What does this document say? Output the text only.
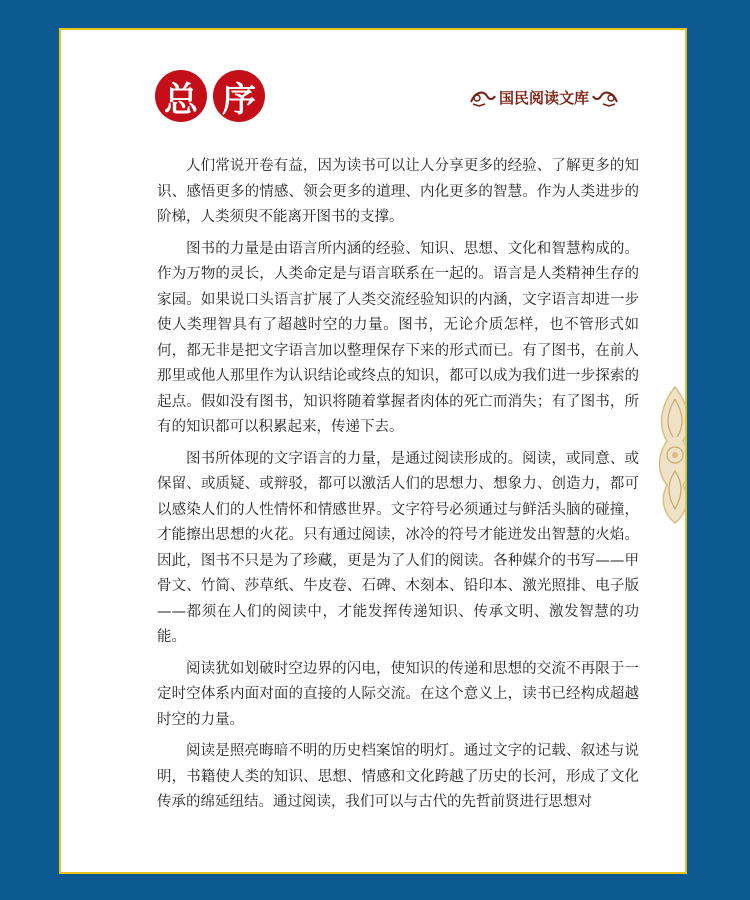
总 序	国民阅读文库

人们常说开卷有益，因为读书可以让人分享更多的经验、了解更多的知识、感悟更多的情感、领会更多的道理、内化更多的智慧。作为人类进步的阶梯，人类须臾不能离开图书的支撑。

图书的力量是由语言所内涵的经验、知识、思想、文化和智慧构成的。作为万物的灵长，人类命定是与语言联系在一起的。语言是人类精神生存的家园。如果说口头语言扩展了人类交流经验知识的内涵，文字语言却进一步使人类理智具有了超越时空的力量。图书，无论介质怎样，也不管形式如何，都无非是把文字语言加以整理保存下来的形式而已。有了图书，在前人那里或他人那里作为认识结论或终点的知识，都可以成为我们进一步探索的起点。假如没有图书，知识将随着掌握者肉体的死亡而消失；有了图书，所有的知识都可以积累起来，传递下去。

图书所体现的文字语言的力量，是通过阅读形成的。阅读，或同意、或保留、或质疑、或辩驳，都可以激活人们的思想力、想象力、创造力，都可以感染人们的人性情怀和情感世界。文字符号必须通过与鲜活头脑的碰撞，才能擦出思想的火花。只有通过阅读，冰冷的符号才能迸发出智慧的火焰。因此，图书不只是为了珍藏，更是为了人们的阅读。各种媒介的书写——甲骨文、竹简、莎草纸、牛皮卷、石碑、木刻本、铅印本、激光照排、电子版——都须在人们的阅读中，才能发挥传递知识、传承文明、激发智慧的功能。

阅读犹如划破时空边界的闪电，使知识的传递和思想的交流不再限于一定时空体系内面对面的直接的人际交流。在这个意义上，读书已经构成超越时空的力量。

阅读是照亮晦暗不明的历史档案馆的明灯。通过文字的记载、叙述与说明，书籍使人类的知识、思想、情感和文化跨越了历史的长河，形成了文化传承的绵延纽结。通过阅读，我们可以与古代的先哲前贤进行思想对
